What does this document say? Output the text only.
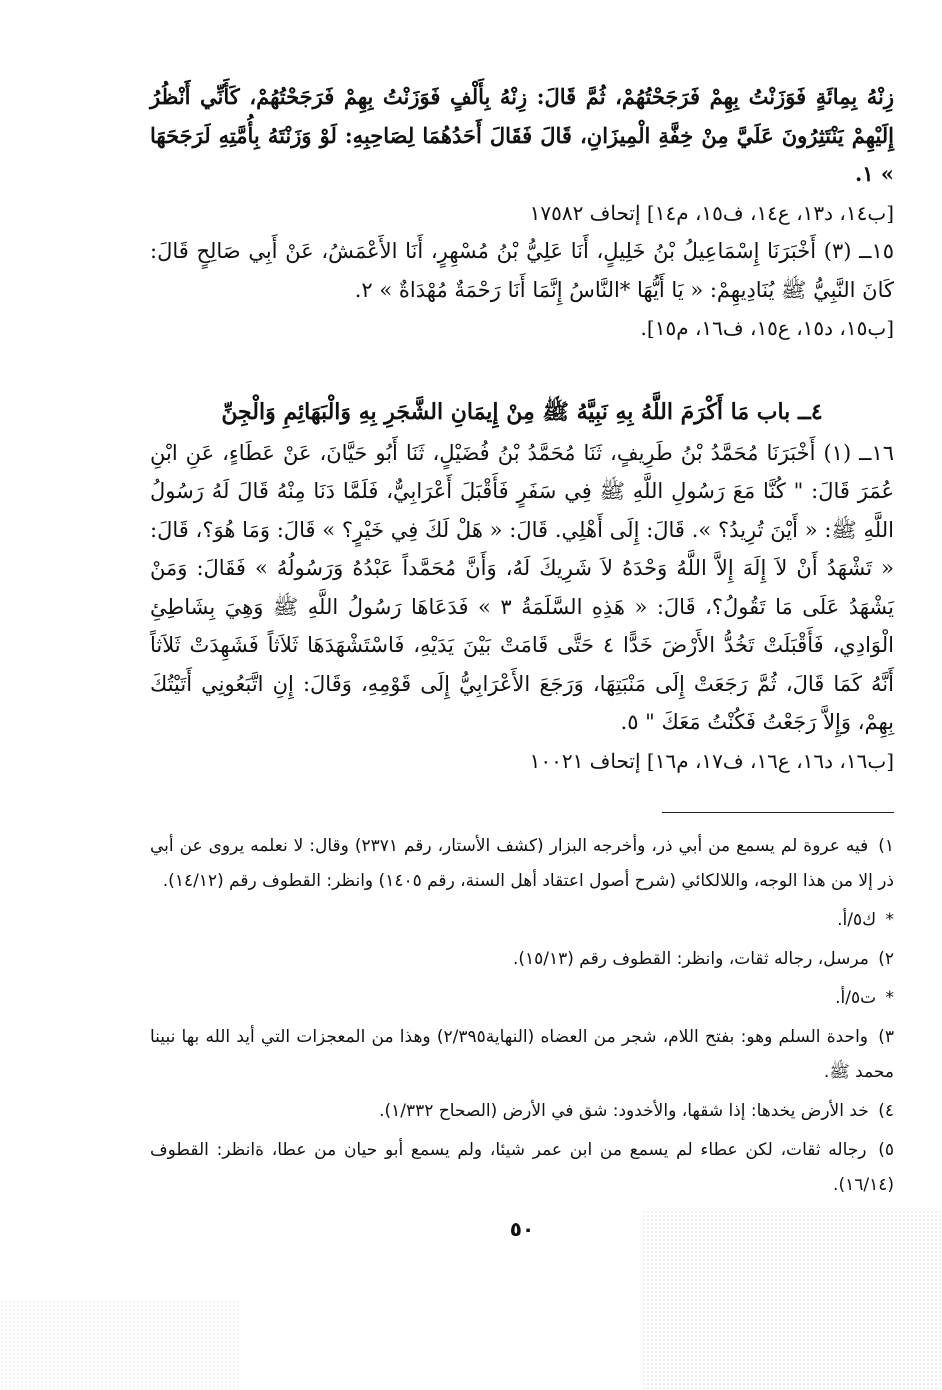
زِنْهُ بِمِائَةٍ فَوَزَنْتُ بِهِمْ فَرَجَحْتُهُمْ، ثُمَّ قَالَ: زِنْهُ بِأَلْفٍ فَوَزَنْتُ بِهِمْ فَرَجَحْتُهُمْ، كَأَنِّي أَنْظُرُ إِلَيْهِمْ يَنْتَثِرُونَ عَلَيَّ مِنْ خِفَّةِ الْمِيزَانِ، قَالَ فَقَالَ أَحَدُهُمَا لِصَاحِبِهِ: لَوْ وَزَنْتَهُ بِأُمَّتِهِ لَرَجَحَهَا » ١.

[ب١٤، د١٣، ع١٤، ف١٥، م١٤] إتحاف ١٧٥٨٢

١٥ــ (٣) أَخْبَرَنَا إِسْمَاعِيلُ بْنُ خَلِيلٍ، أَنَا عَلِيُّ بْنُ مُسْهِرٍ، أَنَا الأَعْمَشُ، عَنْ أَبِي صَالِحٍ قَالَ: كَانَ النَّبِيُّ ﷺ يُنَادِيهِمْ: « يَا أَيُّهَا *النَّاسُ إِنَّمَا أَنَا رَحْمَةٌ مُهْدَاةٌ » ٢.

[ب١٥، د١٥، ع١٥، ف١٦، م١٥].

٤ــ باب مَا أَكْرَمَ اللَّهُ بِهِ نَبِيَّهُ ﷺ مِنْ إِيمَانِ الشَّجَرِ بِهِ وَالْبَهَائِمِ وَالْجِنِّ

١٦ــ (١) أَخْبَرَنَا مُحَمَّدُ بْنُ طَرِيفٍ، ثَنَا مُحَمَّدُ بْنُ فُضَيْلٍ، ثَنَا أَبُو حَيَّانَ، عَنْ عَطَاءٍ، عَنِ ابْنِ عُمَرَ قَالَ: " كُنَّا مَعَ رَسُولِ اللَّهِ ﷺ فِي سَفَرٍ فَأَقْبَلَ أَعْرَابِيٌّ، فَلَمَّا دَنَا مِنْهُ قَالَ لَهُ رَسُولُ اللَّهِ ﷺ: « أَيْنَ تُرِيدُ؟ ». قَالَ: إِلَى أَهْلِي. قَالَ: « هَلْ لَكَ فِي خَيْرٍ؟ » قَالَ: وَمَا هُوَ؟، قَالَ: « تَشْهَدُ أَنْ لاَ إِلَهَ إِلاَّ اللَّهُ وَحْدَهُ لاَ شَرِيكَ لَهُ، وَأَنَّ مُحَمَّداً عَبْدُهُ وَرَسُولُهُ » فَقَالَ: وَمَنْ يَشْهَدُ عَلَى مَا تَقُولُ؟، قَالَ: « هَذِهِ السَّلَمَةُ ٣ » فَدَعَاهَا رَسُولُ اللَّهِ ﷺ وَهِيَ بِشَاطِئِ الْوَادِي، فَأَقْبَلَتْ تَخُدُّ الأَرْضَ خَدًّا ٤ حَتَّى قَامَتْ بَيْنَ يَدَيْهِ، فَاسْتَشْهَدَهَا ثَلاَثاً فَشَهِدَتْ ثَلاَثاً أَنَّهُ كَمَا قَالَ، ثُمَّ رَجَعَتْ إِلَى مَنْبَتِهَا، وَرَجَعَ الأَعْرَابِيُّ إِلَى قَوْمِهِ، وَقَالَ: إِنِ اتَّبَعُونِي أَتَيْتُكَ بِهِمْ، وَإِلاَّ رَجَعْتُ فَكُنْتُ مَعَكَ " ٥.

[ب١٦، د١٦، ع١٦، ف١٧، م١٦] إتحاف ١٠٠٢١

١) فيه عروة لم يسمع من أبي ذر، وأخرجه البزار (كشف الأستار، رقم ٢٣٧١) وقال: لا نعلمه يروى عن أبي ذر إلا من هذا الوجه، واللالكائي (شرح أصول اعتقاد أهل السنة، رقم ١٤٠٥) وانظر: القطوف رقم (١٤/١٢).

* ك٥/أ.

٢) مرسل، رجاله ثقات، وانظر: القطوف رقم (١٥/١٣).

* ت٥/أ.

٣) واحدة السلم وهو: بفتح اللام، شجر من العضاه (النهاية٢/٣٩٥) وهذا من المعجزات التي أيد الله بها نبينا محمد ﷺ.

٤) خد الأرض يخدها: إذا شقها، والأخدود: شق في الأرض (الصحاح ١/٣٣٢).

٥) رجاله ثقات، لكن عطاء لم يسمع من ابن عمر شيئا، ولم يسمع أبو حيان من عطا، ةانظر: القطوف (١٦/١٤).

٥٠
